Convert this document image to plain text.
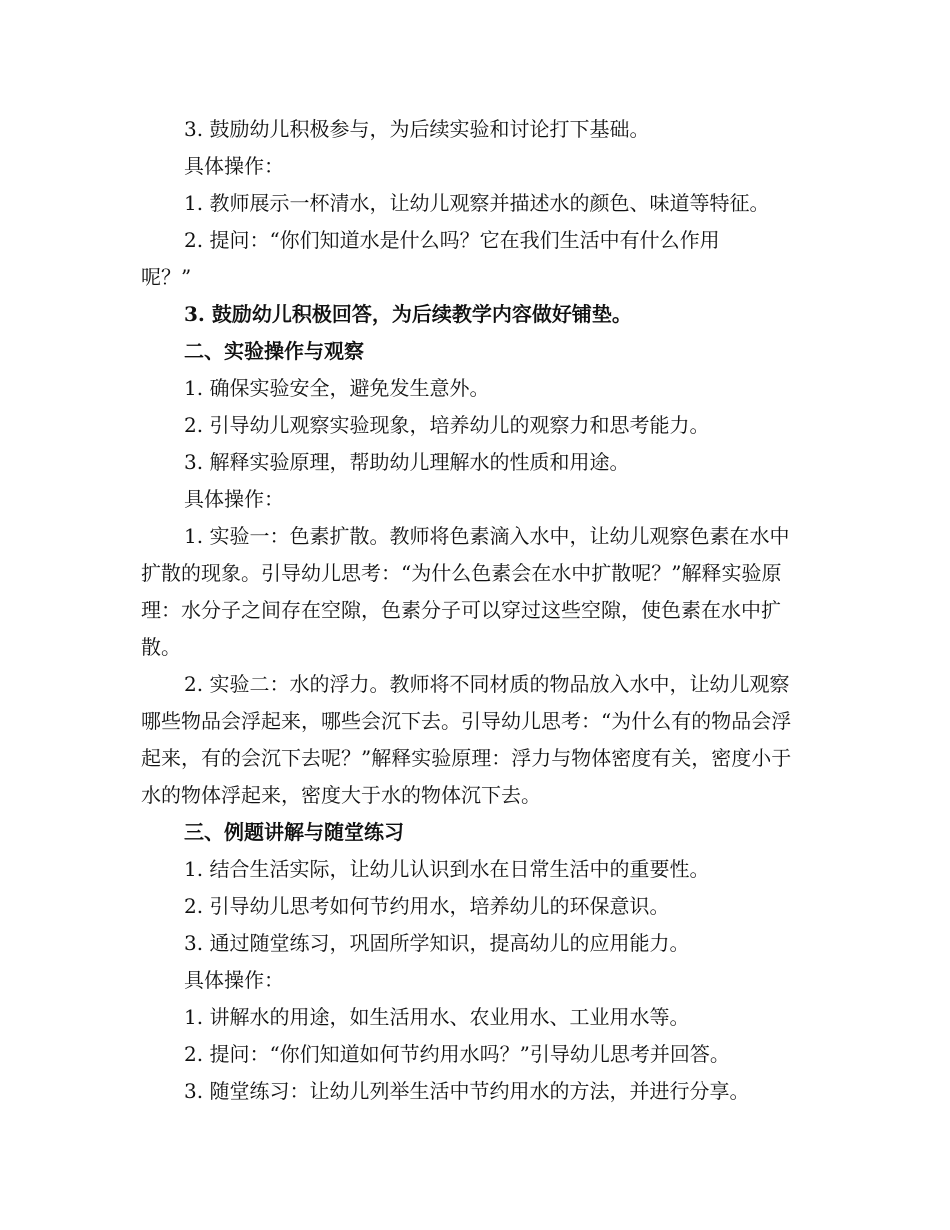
3. 鼓励幼儿积极参与，为后续实验和讨论打下基础。

具体操作：

1. 教师展示一杯清水，让幼儿观察并描述水的颜色、味道等特征。

2. 提问：“你们知道水是什么吗？它在我们生活中有什么作用

呢？”

3. 鼓励幼儿积极回答，为后续教学内容做好铺垫。

二、实验操作与观察

1. 确保实验安全，避免发生意外。

2. 引导幼儿观察实验现象，培养幼儿的观察力和思考能力。

3. 解释实验原理，帮助幼儿理解水的性质和用途。

具体操作：

1. 实验一：色素扩散。教师将色素滴入水中，让幼儿观察色素在水中扩散的现象。引导幼儿思考：“为什么色素会在水中扩散呢？”解释实验原理：水分子之间存在空隙，色素分子可以穿过这些空隙，使色素在水中扩散。

2. 实验二：水的浮力。教师将不同材质的物品放入水中，让幼儿观察哪些物品会浮起来，哪些会沉下去。引导幼儿思考：“为什么有的物品会浮起来，有的会沉下去呢？”解释实验原理：浮力与物体密度有关，密度小于水的物体浮起来，密度大于水的物体沉下去。

三、例题讲解与随堂练习

1. 结合生活实际，让幼儿认识到水在日常生活中的重要性。

2. 引导幼儿思考如何节约用水，培养幼儿的环保意识。

3. 通过随堂练习，巩固所学知识，提高幼儿的应用能力。

具体操作：

1. 讲解水的用途，如生活用水、农业用水、工业用水等。

2. 提问：“你们知道如何节约用水吗？”引导幼儿思考并回答。

3. 随堂练习：让幼儿列举生活中节约用水的方法，并进行分享。
